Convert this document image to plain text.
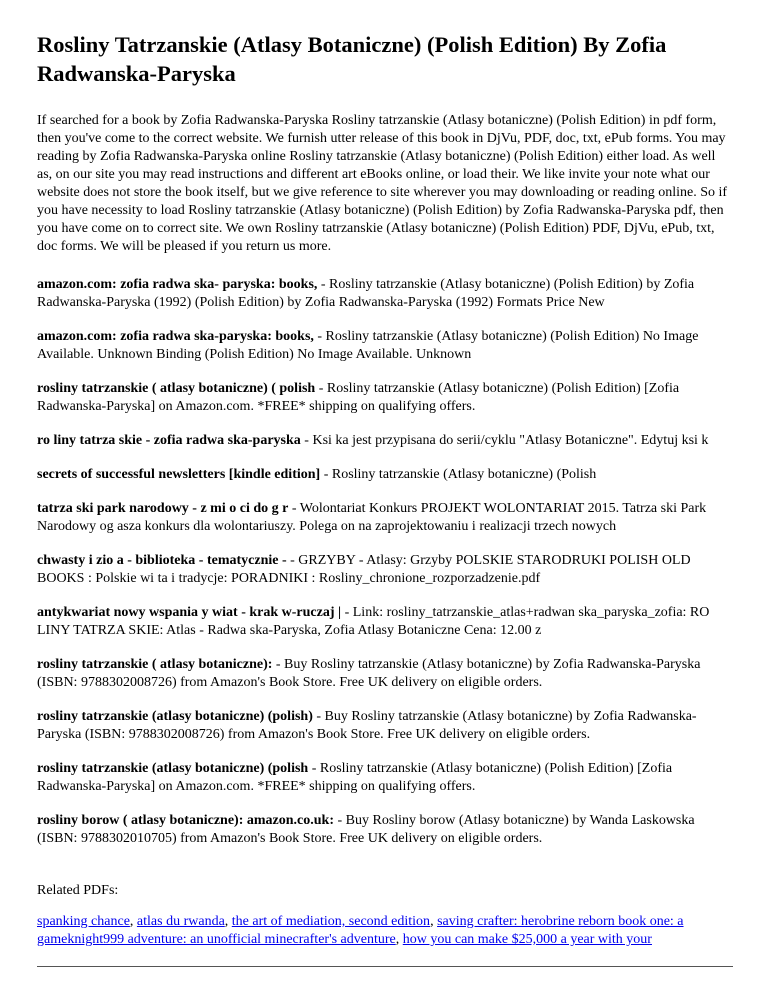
Rosliny Tatrzanskie (Atlasy Botaniczne) (Polish Edition) By Zofia Radwanska-Paryska

If searched for a book by Zofia Radwanska-Paryska Rosliny tatrzanskie (Atlasy botaniczne) (Polish Edition) in pdf form, then you've come to the correct website. We furnish utter release of this book in DjVu, PDF, doc, txt, ePub forms. You may reading by Zofia Radwanska-Paryska online Rosliny tatrzanskie (Atlasy botaniczne) (Polish Edition) either load. As well as, on our site you may read instructions and different art eBooks online, or load their. We like invite your note what our website does not store the book itself, but we give reference to site wherever you may downloading or reading online. So if you have necessity to load Rosliny tatrzanskie (Atlasy botaniczne) (Polish Edition) by Zofia Radwanska-Paryska pdf, then you have come on to correct site. We own Rosliny tatrzanskie (Atlasy botaniczne) (Polish Edition) PDF, DjVu, ePub, txt, doc forms. We will be pleased if you return us more.

amazon.com: zofia radwa ska- paryska: books, - Rosliny tatrzanskie (Atlasy botaniczne) (Polish Edition) by Zofia Radwanska-Paryska (1992) (Polish Edition) by Zofia Radwanska-Paryska (1992) Formats Price New

amazon.com: zofia radwa ska-paryska: books, - Rosliny tatrzanskie (Atlasy botaniczne) (Polish Edition) No Image Available. Unknown Binding (Polish Edition) No Image Available. Unknown

rosliny tatrzanskie ( atlasy botaniczne) ( polish - Rosliny tatrzanskie (Atlasy botaniczne) (Polish Edition) [Zofia Radwanska-Paryska] on Amazon.com. *FREE* shipping on qualifying offers.

ro liny tatrza skie - zofia radwa ska-paryska - Ksi ka jest przypisana do serii/cyklu "Atlasy Botaniczne". Edytuj ksi k

secrets of successful newsletters [kindle edition] - Rosliny tatrzanskie (Atlasy botaniczne) (Polish

tatrza ski park narodowy - z mi o ci do g r - Wolontariat Konkurs PROJEKT WOLONTARIAT 2015. Tatrza ski Park Narodowy og asza konkurs dla wolontariuszy. Polega on na zaprojektowaniu i realizacji trzech nowych

chwasty i zio a - biblioteka - tematycznie - - GRZYBY - Atlasy: Grzyby POLSKIE STARODRUKI POLISH OLD BOOKS : Polskie wi ta i tradycje: PORADNIKI : Rosliny_chronione_rozporzadzenie.pdf

antykwariat nowy wspania y wiat - krak w-ruczaj | - Link: rosliny_tatrzanskie_atlas+radwan ska_paryska_zofia: RO LINY TATRZA SKIE: Atlas - Radwa ska-Paryska, Zofia Atlasy Botaniczne Cena: 12.00 z

rosliny tatrzanskie ( atlasy botaniczne): - Buy Rosliny tatrzanskie (Atlasy botaniczne) by Zofia Radwanska-Paryska (ISBN: 9788302008726) from Amazon's Book Store. Free UK delivery on eligible orders.

rosliny tatrzanskie (atlasy botaniczne) (polish) - Buy Rosliny tatrzanskie (Atlasy botaniczne) by Zofia Radwanska-Paryska (ISBN: 9788302008726) from Amazon's Book Store. Free UK delivery on eligible orders.

rosliny tatrzanskie (atlasy botaniczne) (polish - Rosliny tatrzanskie (Atlasy botaniczne) (Polish Edition) [Zofia Radwanska-Paryska] on Amazon.com. *FREE* shipping on qualifying offers.

rosliny borow ( atlasy botaniczne): amazon.co.uk: - Buy Rosliny borow (Atlasy botaniczne) by Wanda Laskowska (ISBN: 9788302010705) from Amazon's Book Store. Free UK delivery on eligible orders.

Related PDFs:

spanking chance, atlas du rwanda, the art of mediation, second edition, saving crafter: herobrine reborn book one: a gameknight999 adventure: an unofficial minecrafter's adventure, how you can make $25,000 a year with your
